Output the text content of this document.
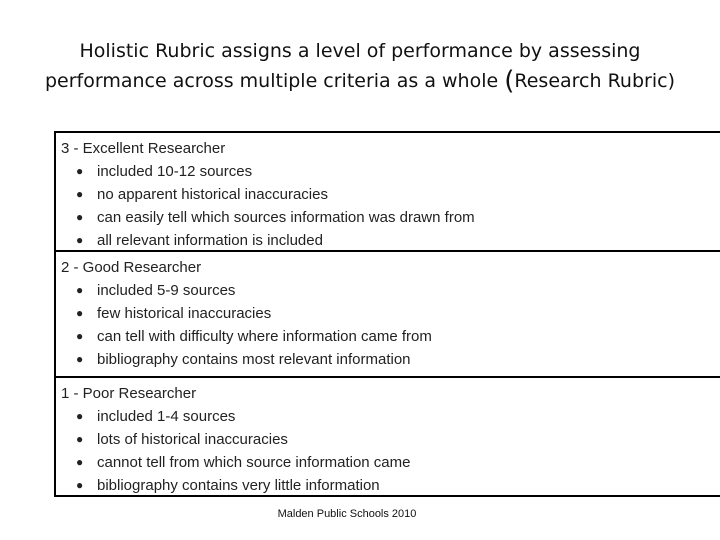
Holistic Rubric assigns a level of performance by assessing
performance across multiple criteria as a whole (Research Rubric)
3 - Excellent Researcher
● included 10-12 sources
● no apparent historical inaccuracies
● can easily tell which sources information was drawn from
● all relevant information is included
2 - Good Researcher
● included 5-9 sources
● few historical inaccuracies
● can tell with difficulty where information came from
● bibliography contains most relevant information
1 - Poor Researcher
● included 1-4 sources
● lots of historical inaccuracies
● cannot tell from which source information came
● bibliography contains very little information
Malden Public Schools 2010
